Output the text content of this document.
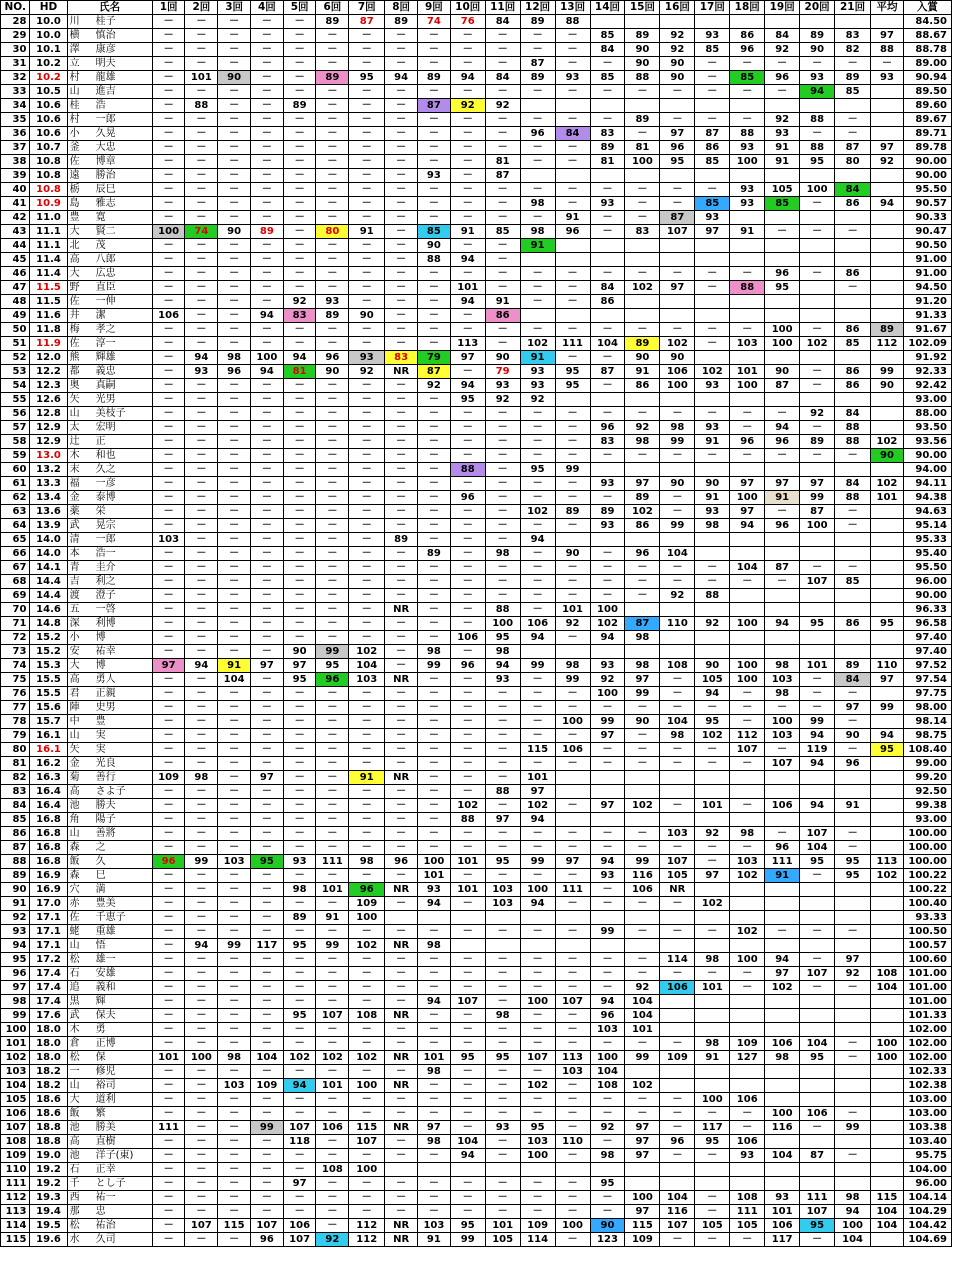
NO.	HD	氏名	1回	2回	3回	4回	5回	6回	7回	8回	9回	10回	11回	12回	13回	14回	15回	16回	17回	18回	19回	20回	21回	平均	入賞
28	10.0	川 桂子	－	－	－	－	－	89	87	89	74	76	84	89	88										84.50
29	10.0	横 慎治	－	－	－	－	－	－	－	－	－	－	－	－	－	85	89	92	93	86	84	89	83	97	88.67
30	10.1	澤 康彦	－	－	－	－	－	－	－	－	－	－	－	－	－	84	90	92	85	96	92	90	82	88	88.78
31	10.2	立 明夫	－	－	－	－	－	－	－	－	－	－	－	87	－	－	90	90	－	－	－	－	－	－	89.00
32	10.2	村 龍雄	－	101	90	－	－	89	95	94	89	94	84	89	93	85	88	90	－	85	96	93	89	93	90.94
33	10.5	山 進吉	－	－	－	－	－	－	－	－	－	－	－	－	－	－	－	－	－	－	－	94	85		89.50
34	10.6	桂 浩	－	88	－	－	89	－	－	－	87	92	92												89.60
35	10.6	村 一郎	－	－	－	－	－	－	－	－	－	－	－	－	－	－	89	－	－	－	92	88	－		89.67
36	10.6	小 久晃	－	－	－	－	－	－	－	－	－	－	－	96	84	83	－	97	87	88	93	－	－		89.71
37	10.7	釜 大忠	－	－	－	－	－	－	－	－	－	－	－	－	－	89	81	96	86	93	91	88	87	97	89.78
38	10.8	佐 博章	－	－	－	－	－	－	－	－	－	－	81	－	－	81	100	95	85	100	91	95	80	92	90.00
39	10.8	遠 勝治	－	－	－	－	－	－	－	－	93	－	87												90.00
40	10.8	栃 辰巳	－	－	－	－	－	－	－	－	－	－	－	－	－	－	－	－	－	93	105	100	84		95.50
41	10.9	島 雅志	－	－	－	－	－	－	－	－	－	－	－	98	－	93	－	－	85	93	85	－	86	94	90.57
42	11.0	豊 寛	－	－	－	－	－	－	－	－	－	－	－	－	91	－	－	87	93						90.33
43	11.1	大 賢二	100	74	90	89	－	80	91	－	85	91	85	98	96	－	83	107	97	91	－	－	－		90.47
44	11.1	北 茂	－	－	－	－	－	－	－	－	90	－	－	91											90.50
45	11.4	高 八郎	－	－	－	－	－	－	－	－	88	94	－												91.00
46	11.4	大 広忠	－	－	－	－	－	－	－	－	－	－	－	－	－	－	－	－	－	－	96	－	86		91.00
47	11.5	野 直臣	－	－	－	－	－	－	－	－	－	101	－	－	－	84	102	97	－	88	95		－		94.50
48	11.5	佐 一伸	－	－	－	－	92	93	－	－	－	94	91	－	－	86									91.20
49	11.6	井 潔	106	－	－	94	83	89	90	－	－	－	86												91.33
50	11.8	梅 孝之	－	－	－	－	－	－	－	－	－	－	－	－	－	－	－	－	－	－	100	－	86	89	91.67
51	11.9	佐 淳一	－	－	－	－	－	－	－	－	－	113	－	102	111	104	89	102	－	103	100	102	85	112	102.09
52	12.0	熊 輝雄	－	94	98	100	94	96	93	83	79	97	90	91	－	－	90	90							91.92
53	12.2	都 義忠	－	93	96	94	81	90	92	NR	87	－	79	93	95	87	91	106	102	101	90	－	86	99	92.33
54	12.3	奥 真嗣	－	－	－	－	－	－	－	－	92	94	93	93	95	－	86	100	93	100	87	－	86	90	92.42
55	12.6	矢 光男	－	－	－	－	－	－	－	－	－	95	92	92											93.00
56	12.8	山 美枝子	－	－	－	－	－	－	－	－	－	－	－	－	－	－	－	－	－	－	－	92	84		88.00
57	12.9	太 宏明	－	－	－	－	－	－	－	－	－	－	－	－	－	96	92	98	93	－	94	－	88		93.50
58	12.9	辻 正	－	－	－	－	－	－	－	－	－	－	－	－	－	83	98	99	91	96	96	89	88	102	93.56
59	13.0	木 和也	－	－	－	－	－	－	－	－	－	－	－	－	－	－	－	－	－	－	－	－	－	90	90.00
60	13.2	末 久之	－	－	－	－	－	－	－	－	－	88	－	95	99										94.00
61	13.3	福 一彦	－	－	－	－	－	－	－	－	－	－	－	－	－	93	97	90	90	97	97	97	84	102	94.11
62	13.4	金 泰博	－	－	－	－	－	－	－	－	－	96	－	－	－	－	89	－	91	100	91	99	88	101	94.38
63	13.6	薬 栄	－	－	－	－	－	－	－	－	－	－	－	102	89	89	102	－	93	97	－	87	－		94.63
64	13.9	武 晃宗	－	－	－	－	－	－	－	－	－	－	－	－	－	93	86	99	98	94	96	100	－		95.14
65	14.0	清 一郎	103	－	－	－	－	－	－	89	－	－	－	94											95.33
66	14.0	本 浩一	－	－	－	－	－	－	－	－	89	－	98	－	90	－	96	104							95.40
67	14.1	青 圭介	－	－	－	－	－	－	－	－	－	－	－	－	－	－	－	－	－	104	87	－	－		95.50
68	14.4	吉 利之	－	－	－	－	－	－	－	－	－	－	－	－	－	－	－	－	－	－	－	107	85		96.00
69	14.4	渡 澄子	－	－	－	－	－	－	－	－	－	－	－	－	－	－	－	92	88						90.00
70	14.6	五 一啓	－	－	－	－	－	－	－	NR	－	－	88	－	101	100									96.33
71	14.8	深 利博	－	－	－	－	－	－	－	－	－	－	100	106	92	102	87	110	92	100	94	95	86	95	96.58
72	15.2	小 博	－	－	－	－	－	－	－	－	－	106	95	94	－	94	98								97.40
73	15.2	安 祐幸	－	－	－	－	90	99	102	－	98	－	98												97.40
74	15.3	大 博	97	94	91	97	97	95	104	－	99	96	94	99	98	93	98	108	90	100	98	101	89	110	97.52
75	15.5	高 勇人	－	－	104	－	95	96	103	NR	－	－	93	－	99	92	97	－	105	100	103	－	84	97	97.54
76	15.5	君 正親	－	－	－	－	－	－	－	－	－	－	－	－	－	100	99	－	94	－	98	－	－		97.75
77	15.6	陣 史男	－	－	－	－	－	－	－	－	－	－	－	－	－	－	－	－	－	－	－	－	97	99	98.00
78	15.7	中 豊	－	－	－	－	－	－	－	－	－	－	－	－	100	99	90	104	95	－	100	99	－		98.14
79	16.1	山 実	－	－	－	－	－	－	－	－	－	－	－	－	－	97	－	98	102	112	103	94	90	94	98.75
80	16.1	矢 実	－	－	－	－	－	－	－	－	－	－	－	115	106	－	－	－	－	107	－	119	－	95	108.40
81	16.2	金 光良	－	－	－	－	－	－	－	－	－	－	－	－	－	－	－	－	－	－	107	94	96		99.00
82	16.3	菊 善行	109	98	－	97	－	－	91	NR	－	－	－	101											99.20
83	16.4	高 さよ子	－	－	－	－	－	－	－	－	－	－	88	97											92.50
84	16.4	池 勝夫	－	－	－	－	－	－	－	－	－	102	－	102	－	97	102	－	101	－	106	94	91		99.38
85	16.8	角 陽子	－	－	－	－	－	－	－	－	－	88	97	94											93.00
86	16.8	山 善將	－	－	－	－	－	－	－	－	－	－	－	－	－	－	－	103	92	98	－	107	－		100.00
87	16.8	森 之	－	－	－	－	－	－	－	－	－	－	－	－	－	－	－	－	－	－	96	104	－		100.00
88	16.8	飯 久	96	99	103	95	93	111	98	96	100	101	95	99	97	94	99	107	－	103	111	95	95	113	100.00
89	16.9	森 巳	－	－	－	－	－	－	－	－	101	－	－	－	－	93	116	105	97	102	91	－	95	102	100.22
90	16.9	穴 満	－	－	－	－	98	101	96	NR	93	101	103	100	111	－	106	NR							100.22
91	17.0	赤 豊美	－	－	－	－	－	－	109	－	94	－	103	94	－	－	－	－	102						100.40
92	17.1	佐 千恵子	－	－	－	－	89	91	100																93.33
93	17.1	蛯 重雄	－	－	－	－	－	－	－	－	－	－	－	－	－	99	－	－	－	102	－	－	－		100.50
94	17.1	山 悟	－	94	99	117	95	99	102	NR	98														100.57
95	17.2	松 雄一	－	－	－	－	－	－	－	－	－	－	－	－	－	－	－	114	98	100	94	－	97		100.60
96	17.4	石 安雄	－	－	－	－	－	－	－	－	－	－	－	－	－	－	－	－	－	－	97	107	92	108	101.00
97	17.4	追 義和	－	－	－	－	－	－	－	－	－	－	－	－	－	－	92	106	101	－	102	－	－	104	101.00
98	17.4	黒 輝	－	－	－	－	－	－	－	－	94	107	－	100	107	94	104								101.00
99	17.6	武 保夫	－	－	－	－	95	107	108	NR	－	－	98	－	－	96	104								101.33
100	18.0	木 勇	－	－	－	－	－	－	－	－	－	－	－	－	－	103	101								102.00
101	18.0	倉 正博	－	－	－	－	－	－	－	－	－	－	－	－	－	－	－	－	98	109	106	104	－	100	102.00
102	18.0	松 保	101	100	98	104	102	102	102	NR	101	95	95	107	113	100	99	109	91	127	98	95	－	100	102.00
103	18.2	一 修児	－	－	－	－	－	－	－	－	98	－	－	－	103	104									102.33
104	18.2	山 裕司	－	－	103	109	94	101	100	NR	－	－	－	102	－	108	102								102.38
105	18.6	大 道利	－	－	－	－	－	－	－	－	－	－	－	－	－	－	－	－	100	106					103.00
106	18.6	飯 繁	－	－	－	－	－	－	－	－	－	－	－	－	－	－	－	－	－	－	100	106	－		103.00
107	18.8	池 勝美	111	－	－	99	107	106	115	NR	97	－	93	95	－	92	97	－	117	－	116	－	99		103.38
108	18.8	高 直樹	－	－	－	－	118	－	107	－	98	104	－	103	110	－	97	96	95	106					103.40
109	19.0	池 洋子(東)	－	－	－	－	－	－	－	－	－	94	－	100	－	98	97	－	－	93	104	87	－		95.75
110	19.2	石 正幸	－	－	－	－	－	108	100																104.00
111	19.2	千 とし子	－	－	－	－	97	－	－	－	－	－	－	－	－	95									96.00
112	19.3	西 祐一	－	－	－	－	－	－	－	－	－	－	－	－	－	－	100	104	－	108	93	111	98	115	104.14
113	19.4	那 忠	－	－	－	－	－	－	－	－	－	－	－	－	－	－	97	116	－	111	101	107	94	104	104.29
114	19.5	松 祐治	－	107	115	107	106	－	112	NR	103	95	101	109	100	90	115	107	105	105	106	95	100	104	104.42
115	19.6	水 久司	－	－	－	96	107	92	112	NR	91	99	105	114	－	123	109	－	－	－	117	－	104		104.69
